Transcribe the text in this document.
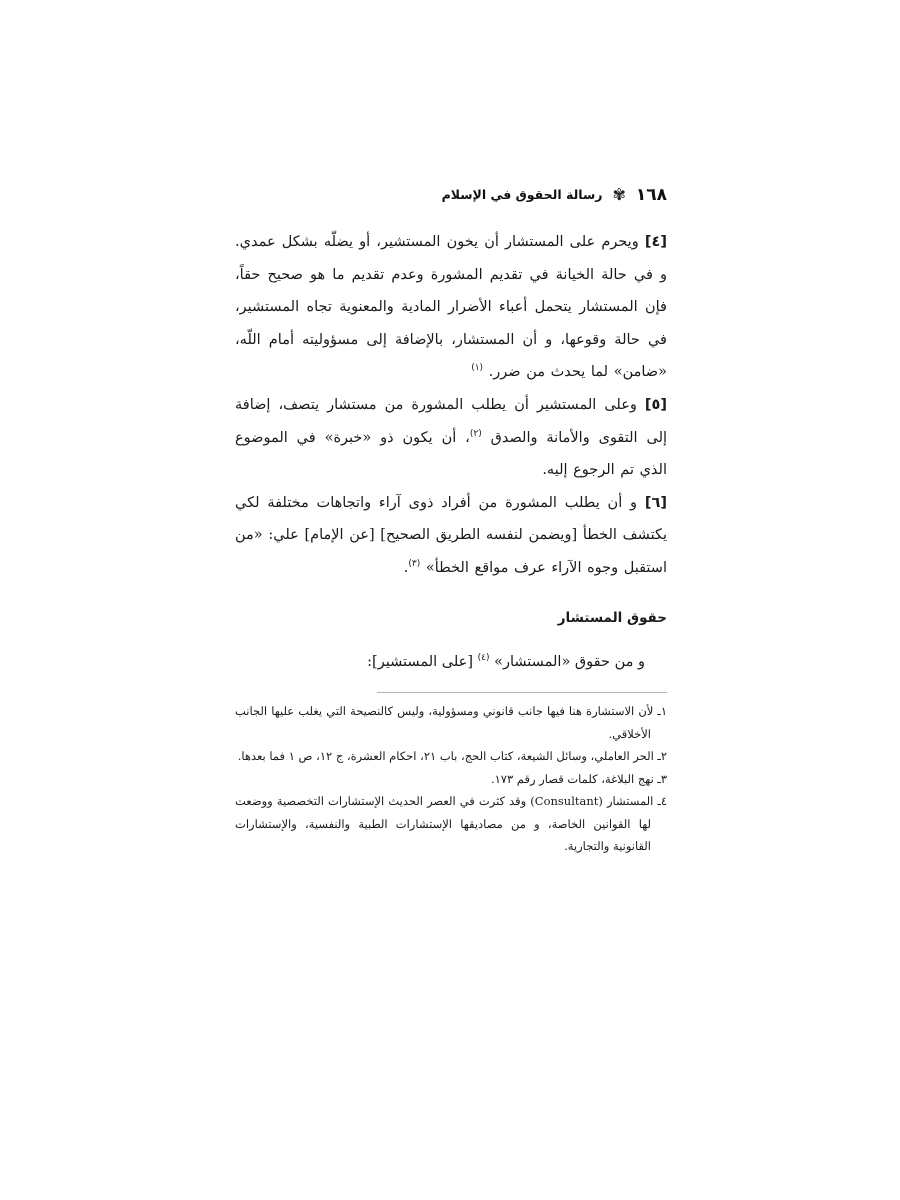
١٦٨
✾
رسالة الحقوق في الإسلام

[٤] ويحرم على المستشار أن يخون المستشير، أو يضلّه بشكل عمدي. و في حالة الخيانة في تقديم المشورة وعدم تقديم ما هو صحيح حقاً، فإن المستشار يتحمل أعباء الأضرار المادية والمعنوية تجاه المستشير، في حالة وقوعها، و أن المستشار، بالإضافة إلى مسؤوليته أمام اللّه، «ضامن» لما يحدث من ضرر. $^{(١)}$

[٥] وعلى المستشير أن يطلب المشورة من مستشار يتصف، إضافة إلى التقوى والأمانة والصدق $^{(٢)}$، أن يكون ذو «خبرة» في الموضوع الذي تم الرجوع إليه.

[٦] و أن يطلب المشورة من أفراد ذوى آراء واتجاهات مختلفة لكي يكتشف الخطأ [ويضمن لنفسه الطريق الصحيح] [عن الإمام] علي: «من استقبل وجوه الآراء عرف مواقع الخطأ» $^{(٣)}$.

حقوق المستشار

و من حقوق «المستشار» $^{(٤)}$ [على المستشير]:

١ـ لأن الاستشارة هنا فيها جانب قانوني ومسؤولية، وليس كالنصيحة التي يغلب عليها الجانب الأخلاقي.
٢ـ الحر العاملي، وسائل الشيعة، كتاب الحج، باب ٢١، احكام العشرة، ج ١٢، ص ١ فما بعدها.
٣ـ نهج البلاغة، كلمات قصار رقم ١٧٣.
٤ـ المستشار (Consultant) وقد كثرت في العصر الحديث الإستشارات التخصصية ووضعت لها القوانين الخاصة، و من مصاديقها الإستشارات الطبية والنفسية، والإستشارات القانونية والتجارية.
